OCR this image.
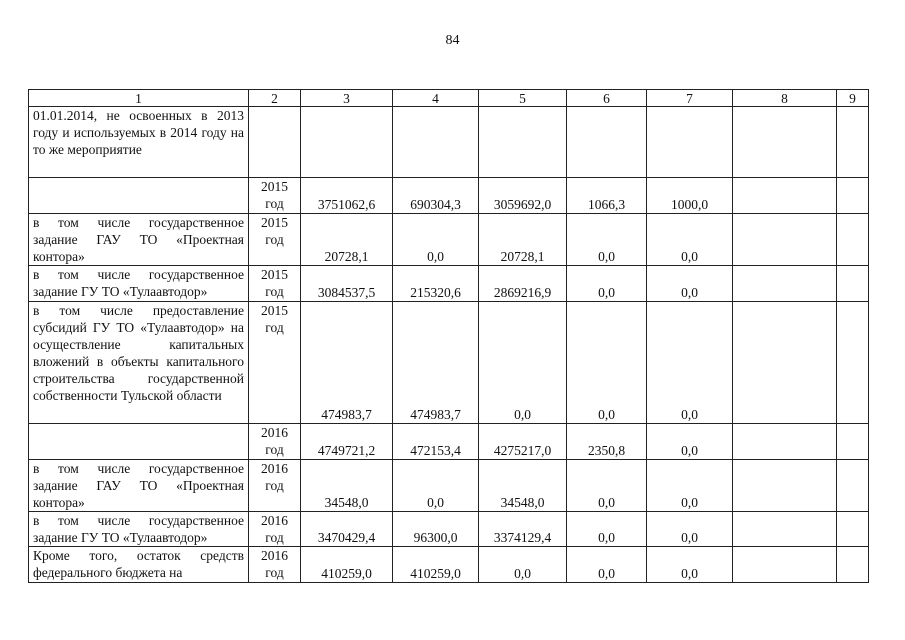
84
1	2	3	4	5	6	7	8	9
01.01.2014, не освоенных в 2013 году и используемых в 2014 году на то же мероприятие								
	2015 год	3751062,6	690304,3	3059692,0	1066,3	1000,0		
в том числе государственное задание ГАУ ТО «Проектная контора»	2015 год	20728,1	0,0	20728,1	0,0	0,0		
в том числе государственное задание ГУ ТО «Тулаавтодор»	2015 год	3084537,5	215320,6	2869216,9	0,0	0,0		
в том числе предоставление субсидий ГУ ТО «Тулаавтодор» на осуществление капитальных вложений в объекты капитального строительства государственной собственности Тульской области	2015 год	474983,7	474983,7	0,0	0,0	0,0		
	2016 год	4749721,2	472153,4	4275217,0	2350,8	0,0		
в том числе государственное задание ГАУ ТО «Проектная контора»	2016 год	34548,0	0,0	34548,0	0,0	0,0		
в том числе государственное задание ГУ ТО «Тулаавтодор»	2016 год	3470429,4	96300,0	3374129,4	0,0	0,0		
Кроме того, остаток средств федерального бюджета на	2016 год	410259,0	410259,0	0,0	0,0	0,0		
